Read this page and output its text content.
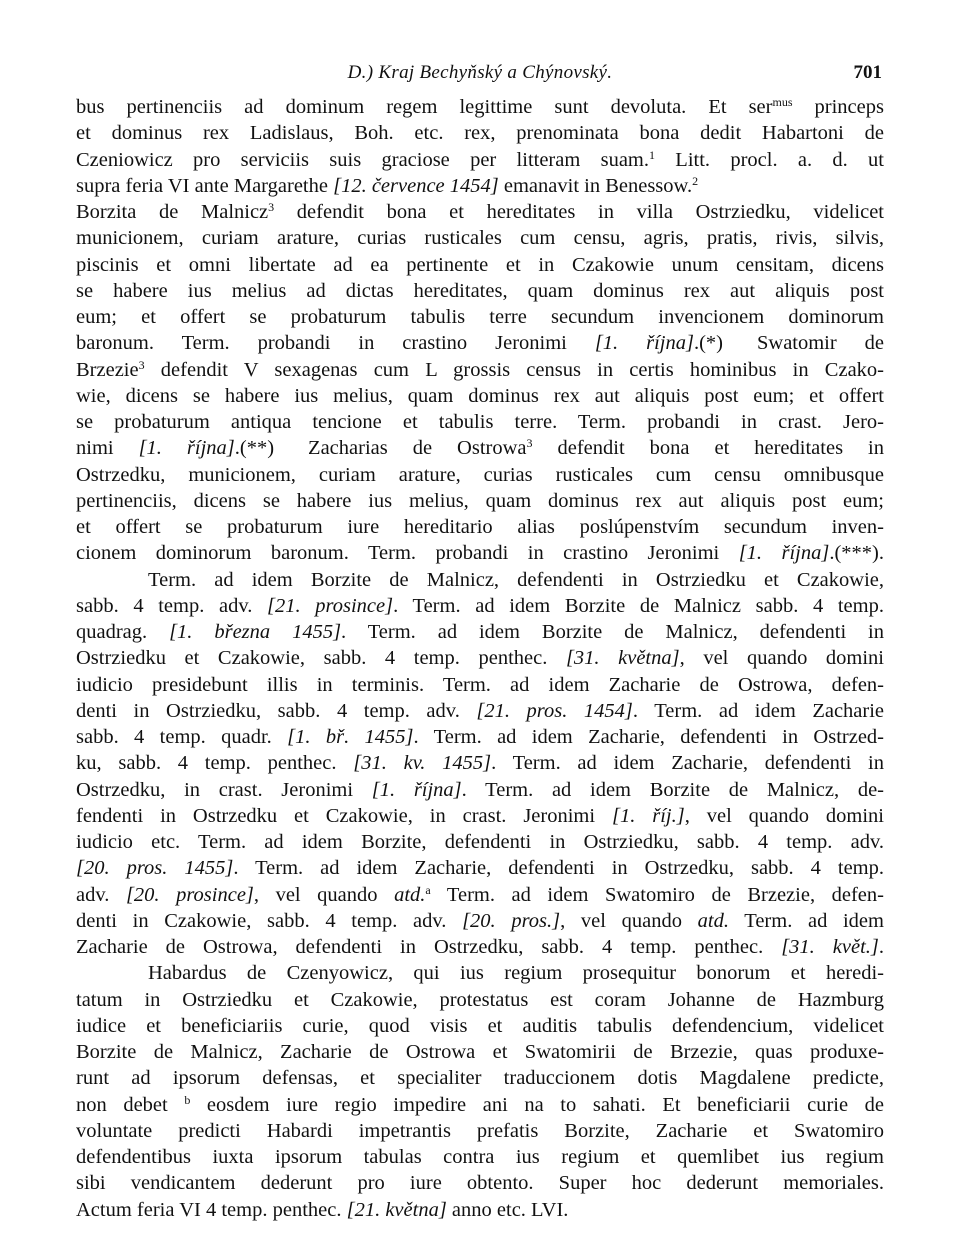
D.) Kraj Bechyňský a Chýnovský.	701
bus pertinenciis ad dominum regem legittime sunt devoluta. Et ser$^{mus}$ princeps
et dominus rex Ladislaus, Boh. etc. rex, prenominata bona dedit Habartoni de
Czeniowicz pro serviciis suis graciose per litteram suam.$^1$ Litt. procl. a. d. ut
supra feria VI ante Margarethe [12. července 1454] emanavit in Benessow.$^2$
Borzita de Malnicz$^3$ defendit bona et hereditates in villa Ostrziedku, videlicet
municionem, curiam arature, curias rusticales cum censu, agris, pratis, rivis, silvis,
piscinis et omni libertate ad ea pertinente et in Czakowie unum censitam, dicens
se habere ius melius ad dictas hereditates, quam dominus rex aut aliquis post
eum; et offert se probaturum tabulis terre secundum invencionem dominorum
baronum. Term. probandi in crastino Jeronimi [1. října].(*) Swatomir de
Brzezie$^3$ defendit V sexagenas cum L grossis census in certis hominibus in Czako-
wie, dicens se habere ius melius, quam dominus rex aut aliquis post eum; et offert
se probaturum antiqua tencione et tabulis terre. Term. probandi in crast. Jero-
nimi [1. října].(**) Zacharias de Ostrowa$^3$ defendit bona et hereditates in
Ostrzedku, municionem, curiam arature, curias rusticales cum censu omnibusque
pertinenciis, dicens se habere ius melius, quam dominus rex aut aliquis post eum;
et offert se probaturum iure hereditario alias poslúpenstvím secundum inven-
cionem dominorum baronum. Term. probandi in crastino Jeronimi [1. října].(***).
Term. ad idem Borzite de Malnicz, defendenti in Ostrziedku et Czakowie,
sabb. 4 temp. adv. [21. prosince]. Term. ad idem Borzite de Malnicz sabb. 4 temp.
quadrag. [1. března 1455]. Term. ad idem Borzite de Malnicz, defendenti in
Ostrziedku et Czakowie, sabb. 4 temp. penthec. [31. května], vel quando domini
iudicio presidebunt illis in terminis. Term. ad idem Zacharie de Ostrowa, defen-
denti in Ostrziedku, sabb. 4 temp. adv. [21. pros. 1454]. Term. ad idem Zacharie
sabb. 4 temp. quadr. [1. bř. 1455]. Term. ad idem Zacharie, defendenti in Ostrzed-
ku, sabb. 4 temp. penthec. [31. kv. 1455]. Term. ad idem Zacharie, defendenti in
Ostrzedku, in crast. Jeronimi [1. října]. Term. ad idem Borzite de Malnicz, de-
fendenti in Ostrzedku et Czakowie, in crast. Jeronimi [1. říj.], vel quando domini
iudicio etc. Term. ad idem Borzite, defendenti in Ostrziedku, sabb. 4 temp. adv.
[20. pros. 1455]. Term. ad idem Zacharie, defendenti in Ostrzedku, sabb. 4 temp.
adv. [20. prosince], vel quando atd.$^a$ Term. ad idem Swatomiro de Brzezie, defen-
denti in Czakowie, sabb. 4 temp. adv. [20. pros.], vel quando atd. Term. ad idem
Zacharie de Ostrowa, defendenti in Ostrzedku, sabb. 4 temp. penthec. [31. květ.].
Habardus de Czenyowicz, qui ius regium prosequitur bonorum et heredi-
tatum in Ostrziedku et Czakowie, protestatus est coram Johanne de Hazmburg
iudice et beneficiariis curie, quod visis et auditis tabulis defendencium, videlicet
Borzite de Malnicz, Zacharie de Ostrowa et Swatomirii de Brzezie, quas produxe-
runt ad ipsorum defensas, et specialiter traduccionem dotis Magdalene predicte,
non debet $^b$ eosdem iure regio impedire ani na to sahati. Et beneficiarii curie de
voluntate predicti Habardi impetrantis prefatis Borzite, Zacharie et Swatomiro
defendentibus iuxta ipsorum tabulas contra ius regium et quemlibet ius regium
sibi vendicantem dederunt pro iure obtento. Super hoc dederunt memoriales.
Actum feria VI 4 temp. penthec. [21. května] anno etc. LVI.
